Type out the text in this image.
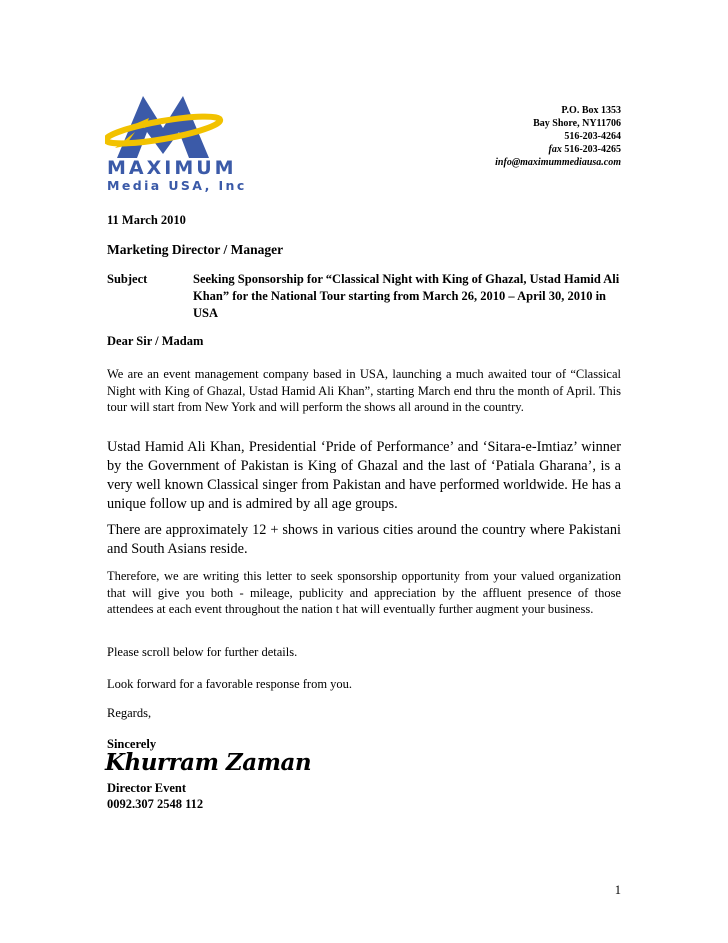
MAXIMUM
Media USA, Inc
P.O. Box 1353
Bay Shore, NY11706
516-203-4264
fax 516-203-4265
info@maximummediausa.com
11 March 2010
Marketing Director / Manager
Subject	Seeking Sponsorship for “Classical Night with King of Ghazal, Ustad Hamid Ali Khan” for the National Tour starting from March 26, 2010 – April 30, 2010 in USA
Dear Sir / Madam
We are an event management company based in USA, launching a much awaited tour of “Classical Night with King of Ghazal, Ustad Hamid Ali Khan”, starting March end thru the month of April. This tour will start from New York and will perform the shows all around in the country.
Ustad Hamid Ali Khan, Presidential ‘Pride of Performance’ and ‘Sitara-e-Imtiaz’ winner by the Government of Pakistan is King of Ghazal and the last of ‘Patiala Gharana’, is a very well known Classical singer from Pakistan and have performed worldwide. He has a unique follow up and is admired by all age groups.
There are approximately 12 + shows in various cities around the country where Pakistani and South Asians reside.
Therefore, we are writing this letter to seek sponsorship opportunity from your valued organization that will give you both - mileage, publicity and appreciation by the affluent presence of those attendees at each event throughout the nation t hat will eventually further augment your business.
Please scroll below for further details.
Look forward for a favorable response from you.
Regards,
Sincerely
Khurram Zaman
Director Event
0092.307 2548 112
1
